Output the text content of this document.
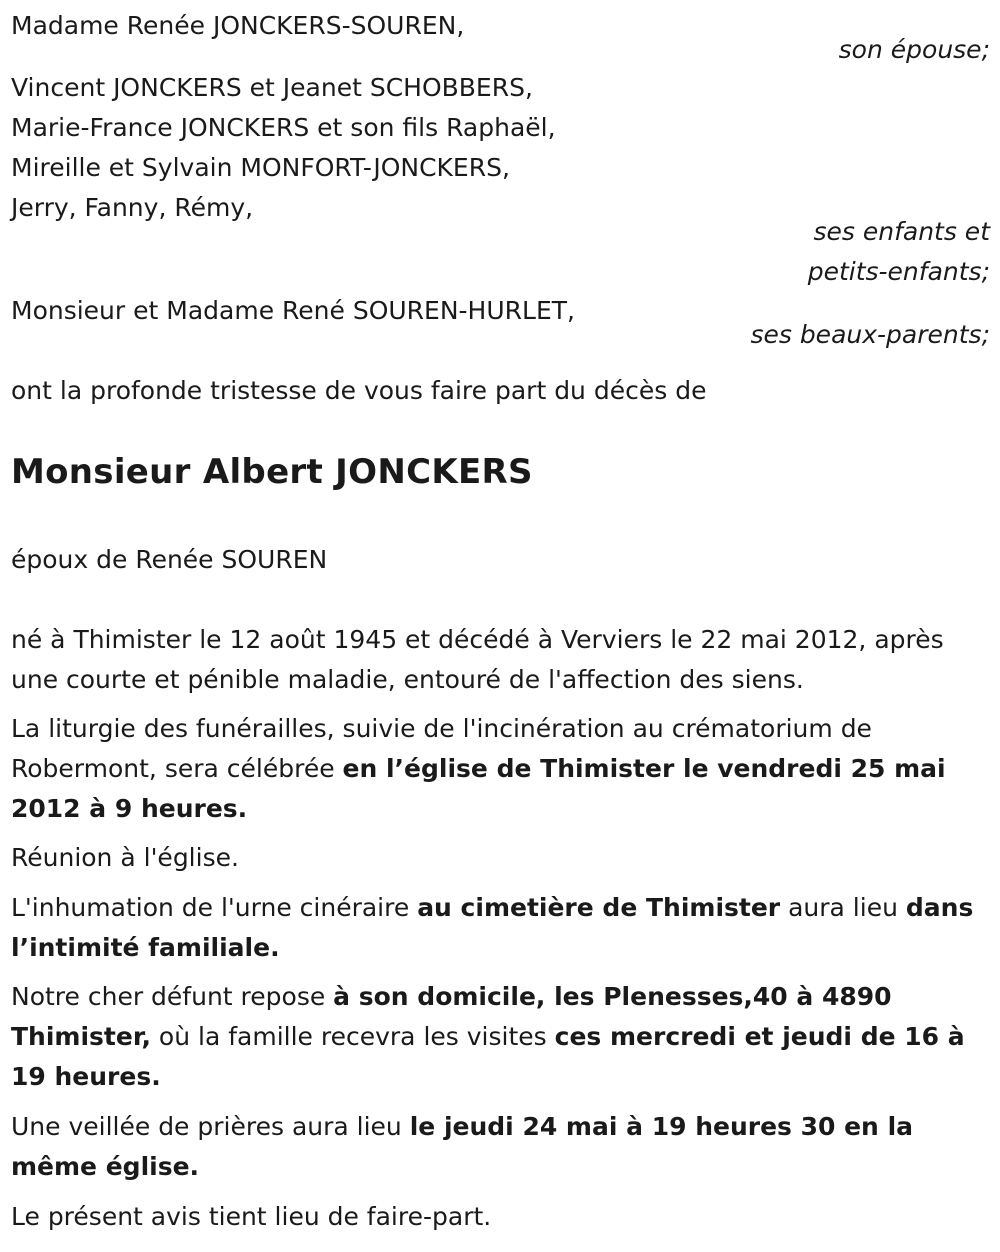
Madame Renée JONCKERS-SOUREN,
son épouse;
Vincent JONCKERS et Jeanet SCHOBBERS,
Marie-France JONCKERS et son fils Raphaël,
Mireille et Sylvain MONFORT-JONCKERS,
Jerry, Fanny, Rémy,
ses enfants et
petits-enfants;
Monsieur et Madame René SOUREN-HURLET,
ses beaux-parents;
ont la profonde tristesse de vous faire part du décès de
Monsieur Albert JONCKERS
époux de Renée SOUREN
né à Thimister le 12 août 1945 et décédé à Verviers le 22 mai 2012, après une courte et pénible maladie, entouré de l'affection des siens.
La liturgie des funérailles, suivie de l'incinération au crématorium de Robermont, sera célébrée en l’église de Thimister le vendredi 25 mai 2012 à 9 heures.
Réunion à l'église.
L'inhumation de l'urne cinéraire au cimetière de Thimister aura lieu dans l’intimité familiale.
Notre cher défunt repose à son domicile, les Plenesses,40 à 4890 Thimister, où la famille recevra les visites ces mercredi et jeudi de 16 à 19 heures.
Une veillée de prières aura lieu le jeudi 24 mai à 19 heures 30 en la même église.
Le présent avis tient lieu de faire-part.
